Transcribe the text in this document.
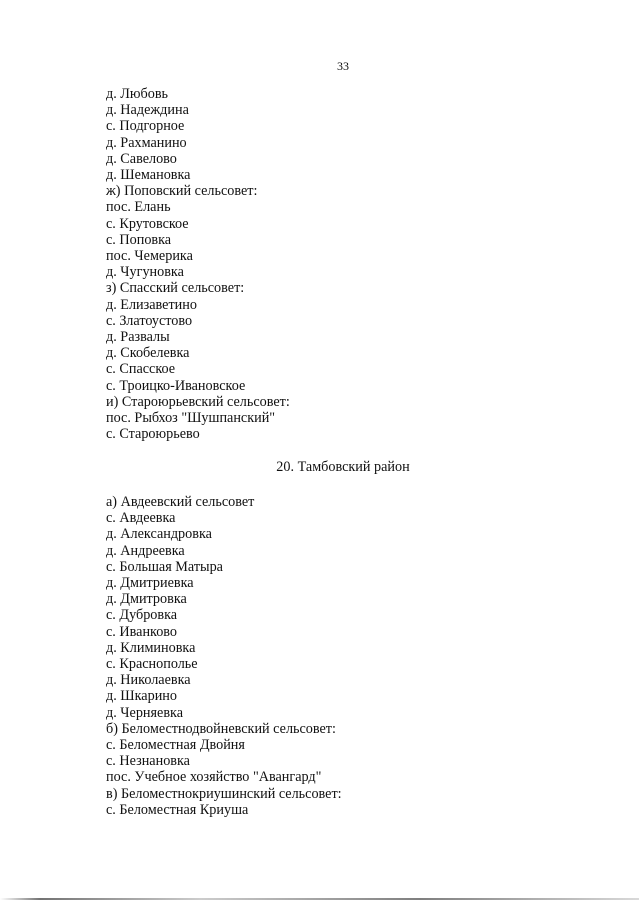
33
д. Любовь
д. Надеждина
с. Подгорное
д. Рахманино
д. Савелово
д. Шемановка
ж) Поповский сельсовет:
пос. Елань
с. Крутовское
с. Поповка
пос. Чемерика
д. Чугуновка
з) Спасский сельсовет:
д. Елизаветино
с. Златоустово
д. Развалы
д. Скобелевка
с. Спасское
с. Троицко-Ивановское
и) Староюрьевский сельсовет:
пос. Рыбхоз "Шушпанский"
с. Староюрьево
20. Тамбовский район
а) Авдеевский сельсовет
с. Авдеевка
д. Александровка
д. Андреевка
с. Большая Матыра
д. Дмитриевка
д. Дмитровка
с. Дубровка
с. Иванково
д. Климиновка
с. Краснополье
д. Николаевка
д. Шкарино
д. Черняевка
б) Беломестнодвойневский сельсовет:
с. Беломестная Двойня
с. Незнановка
пос. Учебное хозяйство "Авангард"
в) Беломестнокриушинский сельсовет:
с. Беломестная Криуша
